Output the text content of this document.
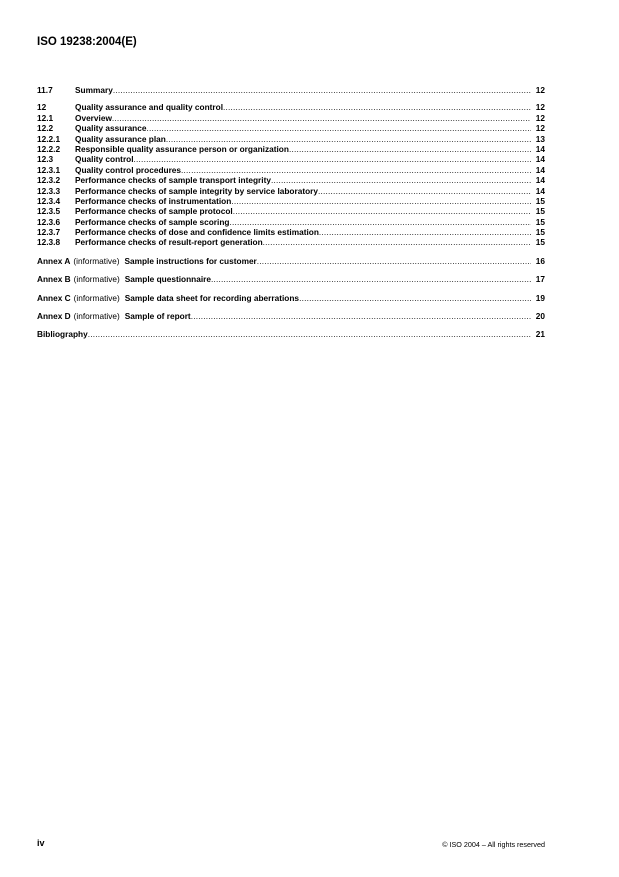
ISO 19238:2004(E)
11.7	Summary .....	12
12	Quality assurance and quality control .....	12
12.1	Overview .....	12
12.2	Quality assurance .....	12
12.2.1	Quality assurance plan .....	13
12.2.2	Responsible quality assurance person or organization .....	14
12.3	Quality control .....	14
12.3.1	Quality control procedures .....	14
12.3.2	Performance checks of sample transport integrity .....	14
12.3.3	Performance checks of sample integrity by service laboratory .....	14
12.3.4	Performance checks of instrumentation .....	15
12.3.5	Performance checks of sample protocol .....	15
12.3.6	Performance checks of sample scoring .....	15
12.3.7	Performance checks of dose and confidence limits estimation .....	15
12.3.8	Performance checks of result-report generation .....	15
Annex A (informative) Sample instructions for customer .....	16
Annex B (informative) Sample questionnaire .....	17
Annex C (informative) Sample data sheet for recording aberrations .....	19
Annex D (informative) Sample of report .....	20
Bibliography .....	21
iv	© ISO 2004 – All rights reserved
